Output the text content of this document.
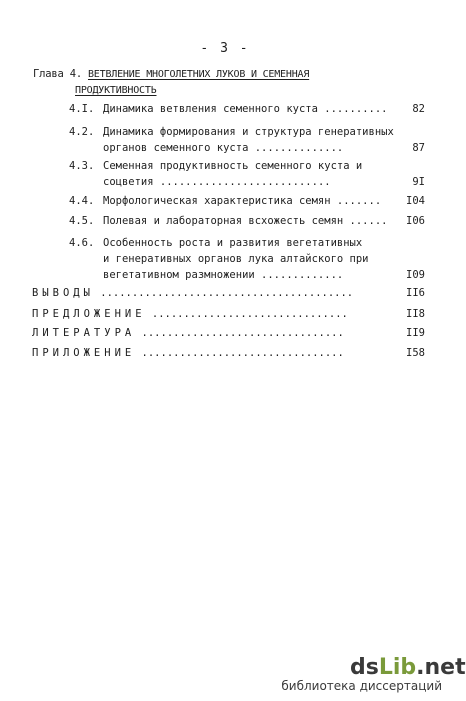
- 3 -
Глава 4. ВЕТВЛЕНИЕ МНОГОЛЕТНИХ ЛУКОВ И СЕМЕННАЯ
ПРОДУКТИВНОСТЬ
4.I. Динамика ветвления семенного куста ..........	82
4.2. Динамика формирования и структура генеративных
органов семенного куста ..............	87
4.3. Семенная продуктивность семенного куста и
соцветия ...........................	9I
4.4. Морфологическая характеристика семян .......	I04
4.5. Полевая и лабораторная всхожесть семян ......	I06
4.6. Особенность роста и развития вегетативных
и генеративных органов лука алтайского при
вегетативном размножении .............	I09
ВЫВОДЫ ........................................	II6
ПРЕДЛОЖЕНИЕ ...............................	II8
ЛИТЕРАТУРА ................................	II9
ПРИЛОЖЕНИЕ ................................	I58
dsLib.net
библиотека диссертаций
